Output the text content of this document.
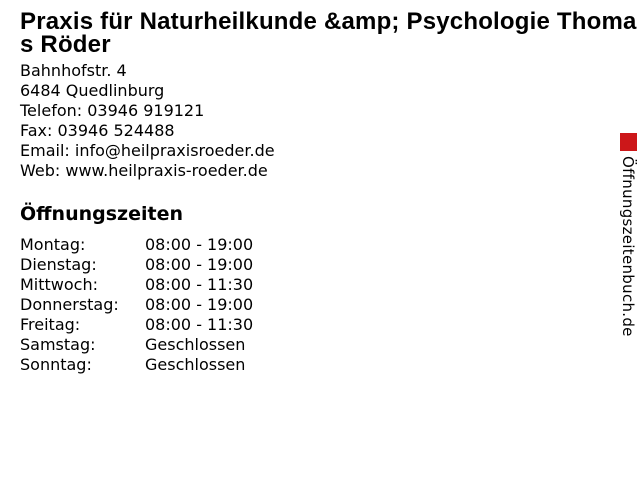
Praxis für Naturheilkunde &amp; Psychologie Thoma
s Röder
Bahnhofstr. 4
6484 Quedlinburg
Telefon: 03946 919121
Fax: 03946 524488
Email: info@heilpraxisroeder.de
Web: www.heilpraxis-roeder.de
Öffnungszeiten
Montag:	08:00 - 19:00
Dienstag:	08:00 - 19:00
Mittwoch:	08:00 - 11:30
Donnerstag:	08:00 - 19:00
Freitag:	08:00 - 11:30
Samstag:	Geschlossen
Sonntag:	Geschlossen
Öffnungszeitenbuch.de
